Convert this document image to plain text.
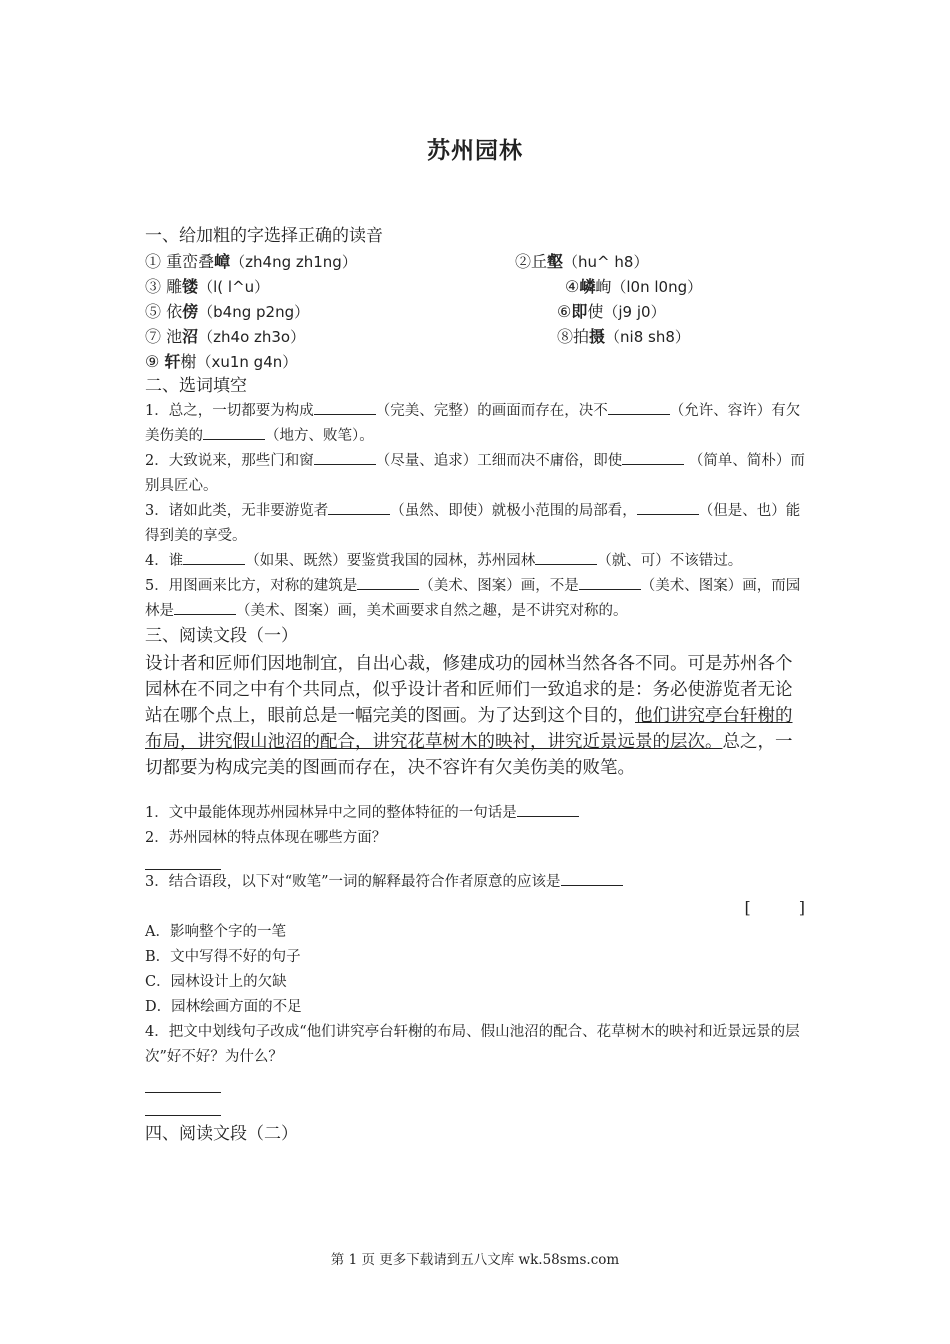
苏州园林
一、给加粗的字选择正确的读音
① 重峦叠嶂（zh4ng zh1ng）	②丘壑（hu^ h8）
③ 雕镂（l( l^u）	④嶙峋（l0n l0ng）
⑤ 依傍（b4ng p2ng）	⑥即使（j9 j0）
⑦ 池沼（zh4o zh3o）	⑧拍摄（ni8 sh8）
⑨ 轩榭（xu1n g4n）
二、选词填空
1．总之，一切都要为构成	（完美、完整）的画面而存在，决不	（允许、容许）有欠美伤美的	（地方、败笔）。
2．大致说来，那些门和窗	（尽量、追求）工细而决不庸俗，即使	（简单、简朴）而别具匠心。
3．诸如此类，无非要游览者	（虽然、即使）就极小范围的局部看，	（但是、也）能得到美的享受。
4．谁	（如果、既然）要鉴赏我国的园林，苏州园林	（就、可）不该错过。
5．用图画来比方，对称的建筑是	（美术、图案）画，不是	（美术、图案）画，而园林是	（美术、图案）画，美术画要求自然之趣，是不讲究对称的。
三、阅读文段（一）
设计者和匠师们因地制宜，自出心裁，修建成功的园林当然各各不同。可是苏州各个园林在不同之中有个共同点，似乎设计者和匠师们一致追求的是：务必使游览者无论站在哪个点上，眼前总是一幅完美的图画。为了达到这个目的，他们讲究亭台轩榭的布局，讲究假山池沼的配合，讲究花草树木的映衬，讲究近景远景的层次。总之，一切都要为构成完美的图画而存在，决不容许有欠美伤美的败笔。
1．文中最能体现苏州园林异中之同的整体特征的一句话是
2．苏州园林的特点体现在哪些方面？
3．结合语段，以下对“败笔”一词的解释最符合作者原意的应该是
[　　　]
A．影响整个字的一笔
B．文中写得不好的句子
C．园林设计上的欠缺
D．园林绘画方面的不足
4．把文中划线句子改成“他们讲究亭台轩榭的布局、假山池沼的配合、花草树木的映衬和近景远景的层次”好不好？为什么？
四、阅读文段（二）
第 1 页 更多下载请到五八文库 wk.58sms.com
